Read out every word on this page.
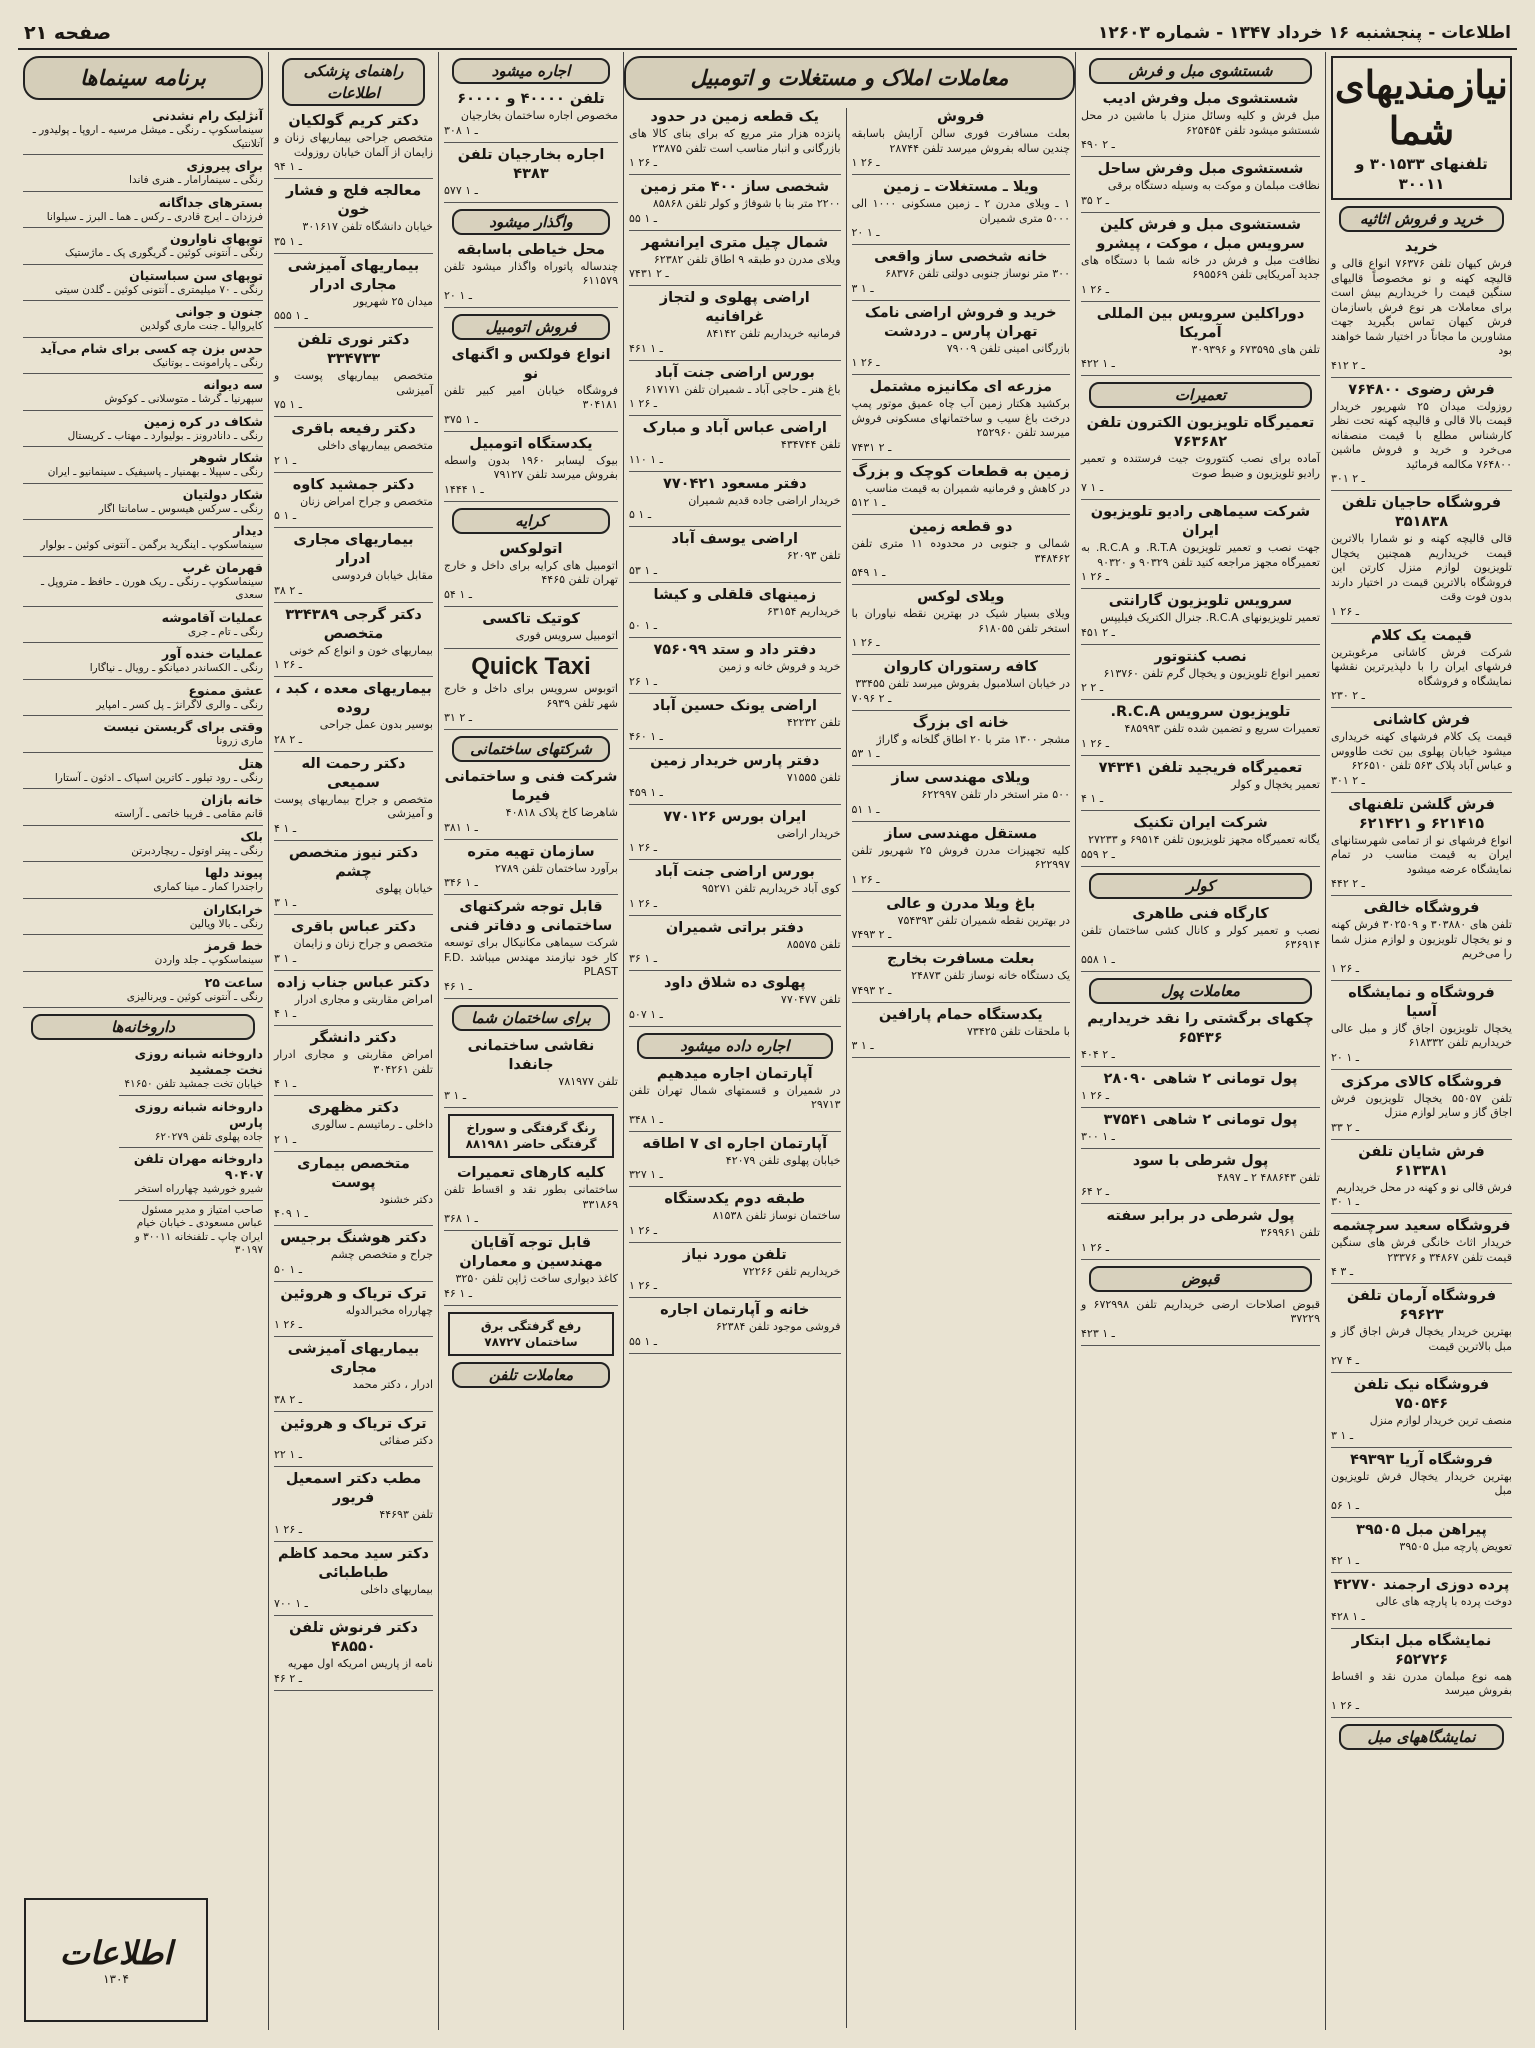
اطلاعات - پنجشنبه ۱۶ خرداد ۱۳۴۷ - شماره ۱۲۶۰۳
صفحه ۲۱
نیازمندیهای شما
تلفنهای ۳۰۱۵۳۳ و ۳۰۰۱۱
خرید و فروش اثاثیه
خرید

فرش کیهان تلفن ۷۶۳۷۶ انواع قالی و قالیچه کهنه و نو مخصوصاً قالیهای سنگین قیمت را خریداریم بیش است برای معاملات هر نوع فرش باسازمان فرش کیهان تماس بگیرید جهت مشاورین ما مجاناً در اختیار شما خواهند بود

۴۱۲ ـ ۲
فرش رضوی ۷۶۴۸۰۰

روزولت میدان ۲۵ شهریور خریدار قیمت بالا قالی و قالیچه کهنه تحت نظر کارشناس مطلع با قیمت منصفانه می‌خرد و خرید و فروش ماشین ۷۶۴۸۰۰ مکالمه فرمائید

۳۰۱ ـ ۲
فروشگاه حاجیان تلفن ۳۵۱۸۳۸

قالی قالیچه کهنه و نو شمارا بالاترین قیمت خریداریم همچنین یخچال تلویزیون لوازم منزل کارتن این فروشگاه بالاترین قیمت در اختیار دارند بدون فوت وقت

۱ ـ ۲۶
قیمت یک کلام

شرکت فرش کاشانی مرغوبترین فرشهای ایران را با دلپذیرترین نقشها نمایشگاه و فروشگاه

۲۳۰ ـ ۲
فرش کاشانی

قیمت یک کلام فرشهای کهنه خریداری میشود خیابان پهلوی بین تخت طاووس و عباس آباد پلاک ۵۶۳ تلفن ۶۲۶۵۱۰

۳۰۱ ـ ۲
فرش گلشن تلفنهای ۶۲۱۴۱۵ و ۶۲۱۴۲۱

انواع فرشهای نو از تمامی شهرستانهای ایران به قیمت مناسب در تمام نمایشگاه عرضه میشود

۴۴۲ ـ ۲
فروشگاه خالقی

تلفن های ۳۰۳۸۸۰ و ۳۰۲۵۰۹ فرش کهنه و نو یخچال تلویزیون و لوازم منزل شما را می‌خریم

۱ ـ ۲۶
فروشگاه و نمایشگاه آسیا

یخچال تلویزیون اجاق گاز و مبل عالی خریداریم تلفن ۶۱۸۳۳۲

۲۰ ـ ۱
فروشگاه کالای مرکزی

تلفن ۵۵۰۵۷ یخچال تلویزیون فرش اجاق گاز و سایر لوازم منزل

۳۳ ـ ۲
فرش شایان تلفن ۶۱۳۳۸۱

فرش قالی نو و کهنه در محل خریداریم

۳۰ ـ ۱
فروشگاه سعید سرچشمه

خریدار اثاث خانگی فرش های سنگین قیمت تلفن ۳۴۸۶۷ و ۲۳۳۷۶

۴ ـ ۳
فروشگاه آرمان تلفن ۶۹۶۲۳

بهترین خریدار یخچال فرش اجاق گاز و مبل بالاترین قیمت

۲۷ ـ ۴
فروشگاه نیک تلفن ۷۵۰۵۴۶

منصف ترین خریدار لوازم منزل

۳ ـ ۱
فروشگاه آریا ۴۹۳۹۳

بهترین خریدار یخچال فرش تلویزیون مبل

۵۶ ـ ۱
پیراهن مبل ۳۹۵۰۵

تعویض پارچه مبل ۳۹۵۰۵

۴۲ ـ ۱
پرده دوزی ارجمند ۴۲۷۷۰

دوخت پرده با پارچه های عالی

۴۲۸ ـ ۱
نمایشگاه مبل ابتکار ۶۵۲۷۲۶

همه نوع مبلمان مدرن نقد و اقساط بفروش میرسد

۱ ـ ۲۶
نمایشگاههای مبل
شستشوی مبل و فرش
شستشوی مبل وفرش ادیب

مبل فرش و کلیه وسائل منزل با ماشین در محل شستشو میشود تلفن ۶۲۵۴۵۴

۴۹۰ ـ ۲
شستشوی مبل وفرش ساحل

نظافت مبلمان و موکت به وسیله دستگاه برقی

۳۵ ـ ۲
شستشوی مبل و فرش کلین سرویس مبل ، موکت ، پیشرو

نظافت مبل و فرش در خانه شما با دستگاه های جدید آمریکایی تلفن ۶۹۵۵۶۹

۱ ـ ۲۶
دوراکلین سرویس بین المللی آمریکا

تلفن های ۶۷۳۵۹۵ و ۳۰۹۳۹۶

۴۲۲ ـ ۱
تعمیرات
تعمیرگاه تلویزیون الکترون تلفن ۷۶۳۶۸۲

آماده برای نصب کنتوروت جیت فرستنده و تعمیر رادیو تلویزیون و ضبط صوت

۷ ـ ۱
شرکت سیماهی رادیو تلویزیون ایران

جهت نصب و تعمیر تلویزیون R.T.A. و R.C.A. به تعمیرگاه مجهز مراجعه کنید تلفن ۹۰۳۲۹ و ۹۰۳۲۰

۱ ـ ۲۶
سرویس تلویزیون گارانتی

تعمیر تلویزیونهای R.C.A. جنرال الکتریک فیلیپس

۴۵۱ ـ ۲
نصب کنتوتور

تعمیر انواع تلویزیون و یخچال گرم تلفن ۶۱۳۷۶۰

۲ ـ ۲
تلویزیون سرویس R.C.A.

تعمیرات سریع و تضمین شده تلفن ۴۸۵۹۹۳

۱ ـ ۲۶
تعمیرگاه فریجید تلفن ۷۴۳۴۱

تعمیر یخچال و کولر

۴ ـ ۱
شرکت ایران تکنیک

یگانه تعمیرگاه مجهز تلویزیون تلفن ۶۹۵۱۴ و ۲۷۲۳۳

۵۵۹ ـ ۲
کولر
کارگاه فنی طاهری

نصب و تعمیر کولر و کانال کشی ساختمان تلفن ۶۳۶۹۱۴

۵۵۸ ـ ۱
معاملات پول
چکهای برگشتی را نقد خریداریم ۶۵۴۳۶
۴۰۴ ـ ۲
پول تومانی ۲ شاهی ۲۸۰۹۰
۱ ـ ۲۶
پول تومانی ۲ شاهی ۳۷۵۴۱
۳۰۰ ـ ۱
پول شرطی با سود

تلفن ۴۸۸۶۴۳ ۲ ـ ۴۸۹۷

۶۴ ـ ۲
پول شرطی در برابر سفته

تلفن ۳۶۹۹۶۱

۱ ـ ۲۶
قبوض

قبوض اصلاحات ارضی خریداریم تلفن ۶۷۲۹۹۸ و ۳۷۲۲۹

۴۲۳ ـ ۱
معاملات املاک و مستغلات و اتومبیل
فروش

بعلت مسافرت فوری سالن آرایش باسابقه چندین ساله بفروش میرسد تلفن ۲۸۷۴۴

۱ ـ ۲۶
ویلا ـ مستغلات ـ زمین

۱ ـ ویلای مدرن ۲ ـ زمین مسکونی ۱۰۰۰ الی ۵۰۰۰ متری شمیران

۲۰ ـ ۱
خانه شخصی ساز واقعی

۳۰۰ متر نوساز جنوبی دولتی تلفن ۶۸۳۷۶

۳ ـ ۱
خرید و فروش اراضی نامک تهران پارس ـ دردشت

بازرگانی امینی تلفن ۷۹۰۰۹

۱ ـ ۲۶
مزرعه ای مکانیزه مشتمل

برکشید هکتار زمین آب چاه عمیق موتور پمپ درخت باغ سیب و ساختمانهای مسکونی فروش میرسد تلفن ۲۵۲۹۶۰

۷۴۳۱ ـ ۲
زمین به قطعات کوچک و بزرگ

در کاهش و فرمانیه شمیران به قیمت مناسب

۵۱۲ ـ ۱
دو قطعه زمین

شمالی و جنوبی در محدوده ۱۱ متری تلفن ۳۴۸۴۶۲

۵۴۹ ـ ۱
ویلای لوکس

ویلای بسیار شیک در بهترین نقطه نیاوران با استخر تلفن ۶۱۸۰۵۵

۱ ـ ۲۶
کافه رستوران کاروان

در خیابان اسلامبول بفروش میرسد تلفن ۳۳۴۵۵

۷۰۹۶ ـ ۲
خانه ای بزرگ

مشجر ۱۳۰۰ متر با ۲۰ اطاق گلخانه و گاراژ

۵۳ ـ ۱
ویلای مهندسی ساز

۵۰۰ متر استخر دار تلفن ۶۲۲۹۹۷

۵۱ ـ ۱
مستقل مهندسی ساز

کلیه تجهیزات مدرن فروش ۲۵ شهریور تلفن ۶۲۲۹۹۷

۱ ـ ۲۶
باغ ویلا مدرن و عالی

در بهترین نقطه شمیران تلفن ۷۵۴۳۹۳

۷۴۹۳ ـ ۲
بعلت مسافرت بخارج

یک دستگاه خانه نوساز تلفن ۲۴۸۷۳

۷۴۹۳ ـ ۲
یکدستگاه حمام پارافین

با ملحقات تلفن ۷۳۴۲۵

۳ ـ ۱
یک قطعه زمین در حدود

پانزده هزار متر مربع که برای بنای کالا های بازرگانی و انبار مناسب است تلفن ۲۳۸۷۵

۱ ـ ۲۶
شخصی ساز ۴۰۰ متر زمین

۲۲۰۰ متر بنا با شوفاژ و کولر تلفن ۸۵۸۶۸

۵۵ ـ ۱
شمال چیل متری ایرانشهر

ویلای مدرن دو طبقه ۹ اطاق تلفن ۶۲۳۸۲

۷۴۳۱ ـ ۲
اراضی پهلوی و لتجاز غرافانیه

فرمانیه خریداریم تلفن ۸۴۱۴۲

۴۶۱ ـ ۱
بورس اراضی جنت آباد

باغ هنر ـ حاجی آباد ـ شمیران تلفن ۶۱۷۱۷۱

۱ ـ ۲۶
اراضی عباس آباد و مبارک

تلفن ۴۳۴۷۴۴

۱۱۰ ـ ۱
دفتر مسعود ۷۷۰۴۲۱

خریدار اراضی جاده قدیم شمیران

۵ ـ ۱
اراضی یوسف آباد

تلفن ۶۲۰۹۳

۵۳ ـ ۱
زمینهای قلقلی و کیشا

خریداریم ۶۳۱۵۴

۵۰ ـ ۱
دفتر داد و ستد ۷۵۶۰۹۹

خرید و فروش خانه و زمین

۲۶ ـ ۱
اراضی یونک حسین آباد

تلفن ۴۲۲۳۲

۴۶۰ ـ ۱
دفتر پارس خریدار زمین

تلفن ۷۱۵۵۵

۴۵۹ ـ ۱
ایران بورس ۷۷۰۱۲۶

خریدار اراضی

۱ ـ ۲۶
بورس اراضی جنت آباد

کوی آباد خریداریم تلفن ۹۵۲۷۱

۱ ـ ۲۶
دفتر براتی شمیران

تلفن ۸۵۵۷۵

۳۶ ـ ۱
پهلوی ده شلاق داود

تلفن ۷۷۰۴۷۷

۵۰۷ ـ ۱
اجاره داده میشود
آپارتمان اجاره میدهیم

در شمیران و قسمتهای شمال تهران تلفن ۲۹۷۱۳

۳۴۸ ـ ۱
آپارتمان اجاره ای ۷ اطاقه

خیابان پهلوی تلفن ۴۲۰۷۹

۳۲۷ ـ ۱
طبقه دوم یکدستگاه

ساختمان نوساز تلفن ۸۱۵۳۸

۱ ـ ۲۶
تلفن مورد نیاز

خریداریم تلفن ۷۲۲۶۶

۱ ـ ۲۶
خانه و آپارتمان اجاره

فروشی موجود تلفن ۶۲۳۸۴

۵۵ ـ ۱
اجاره میشود
تلفن ۴۰۰۰۰ و ۶۰۰۰۰

مخصوص اجاره ساختمان بخارجیان

۳۰۸ ـ ۱
اجاره بخارجیان تلفن ۴۳۸۳
۵۷۷ ـ ۱
واگذار میشود
محل خیاطی باسابقه

چندساله پاتوراه واگذار میشود تلفن ۶۱۱۵۷۹

۲۰ ـ ۱
فروش اتومبیل
انواع فولکس و اگنهای نو

فروشگاه خیابان امیر کبیر تلفن ۳۰۴۱۸۱

۳۷۵ ـ ۱
یکدستگاه اتومبیل

بیوک لیسابر ۱۹۶۰ بدون واسطه بفروش میرسد تلفن ۷۹۱۲۷

۱۴۴۴ ـ ۱
کرایه
اتولوکس

اتومبیل های کرایه برای داخل و خارج تهران تلفن ۴۴۶۵

۵۴ ـ ۱
کوتیک تاکسی

اتومبیل سرویس فوری

Quick Taxi

اتوبوس سرویس برای داخل و خارج شهر تلفن ۶۹۳۹

۳۱ ـ ۲
شرکتهای ساختمانی
شرکت فنی و ساختمانی فیرما

شاهرضا کاخ پلاک ۴۰۸۱۸

۳۸۱ ـ ۱
سازمان تهیه متره

برآورد ساختمان تلفن ۲۷۸۹

۳۴۶ ـ ۱
قابل توجه شرکتهای ساختمانی و دفاتر فنی

شرکت سیماهی مکانیکال برای توسعه کار خود نیازمند مهندس میباشد F.D. PLAST

۴۶ ـ ۱
برای ساختمان شما
نقاشی ساختمانی جانفدا

تلفن ۷۸۱۹۷۷

۳ ـ ۱
رنگ گرفتگی و سوراخ گرفتگی حاضر ۸۸۱۹۸۱
کلیه کارهای تعمیرات

ساختمانی بطور نقد و اقساط تلفن ۳۳۱۸۶۹

۳۶۸ ـ ۱
قابل توجه آقایان مهندسین و معماران

کاغذ دیواری ساخت ژاپن تلفن ۳۲۵۰

۴۶ ـ ۱
رفع گرفتگی برق ساختمان ۷۸۷۲۷
معاملات تلفن
راهنمای پزشکی اطلاعات
دکتر کریم گولکیان

متخصص جراحی بیماریهای زنان و زایمان از آلمان خیابان روزولت

۹۴ ـ ۱
معالجه فلج و فشار خون

خیابان دانشگاه تلفن ۳۰۱۶۱۷

۳۵ ـ ۱
بیماریهای آمیزشی مجاری ادرار

میدان ۲۵ شهریور

۵۵۵ ـ ۱
دکتر نوری تلفن ۳۳۴۷۳۳

متخصص بیماریهای پوست و آمیزشی

۷۵ ـ ۱
دکتر رفیعه باقری

متخصص بیماریهای داخلی

۲ ـ ۱
دکتر جمشید کاوه

متخصص و جراح امراض زنان

۵ ـ ۱
بیماریهای مجاری ادرار

مقابل خیابان فردوسی

۳۸ ـ ۲
دکتر گرجی ۳۳۴۳۸۹ متخصص

بیماریهای خون و انواع کم خونی

۱ ـ ۲۶
بیماریهای معده ، کبد ، روده

بوسیر بدون عمل جراحی

۲۸ ـ ۲
دکتر رحمت اله سمیعی

متخصص و جراح بیماریهای پوست و آمیزشی

۴ ـ ۱
دکتر نیوز متخصص چشم

خیابان پهلوی

۳ ـ ۱
دکتر عباس باقری

متخصص و جراح زنان و زایمان

۳ ـ ۱
دکتر عباس جناب زاده

امراض مقاربتی و مجاری ادرار

۴ ـ ۱
دکتر دانشگر

امراض مقاربتی و مجاری ادرار تلفن ۳۰۴۲۶۱

۴ ـ ۱
دکتر مظهری

داخلی ـ رماتیسم ـ سالوری

۲ ـ ۱
متخصص بیماری پوست

دکتر خشنود

۴۰۹ ـ ۱
دکتر هوشنگ برجیس

جراح و متخصص چشم

۵۰ ـ ۱
ترک تریاک و هروئین

چهارراه مخبرالدوله

۱ ـ ۲۶
بیماریهای آمیزشی مجاری

ادرار ، دکتر محمد

۳۸ ـ ۲
ترک تریاک و هروئین

دکتر صفائی

۲۲ ـ ۱
مطب دکتر اسمعیل فریور

تلفن ۴۴۶۹۳

۱ ـ ۲۶
دکتر سید محمد کاظم طباطبائی

بیماریهای داخلی

۷۰۰ ـ ۱
دکتر فرنوش تلفن ۴۸۵۵۰

نامه از پاریس امریکه اول مهریه

۴۶ ـ ۲
برنامه سینماها
آنژلیک رام نشدنی

سینماسکوپ ـ رنگی ـ میشل مرسیه ـ اروپا ـ پولیدور ـ آتلانتیک

برای پیروزی

رنگی ـ سینمارامار ـ هنری فاندا

بسترهای جداگانه

فرزدان ـ ایرج قادری ـ رکس ـ هما ـ البرز ـ سیلوانا

توپهای ناوارون

رنگی ـ آنتونی کوئین ـ گریگوری پک ـ ماژستیک

توپهای سن سباستیان

رنگی ـ ۷۰ میلیمتری ـ آنتونی کوئین ـ گلدن سیتی

جنون و جوانی

کایروالیا ـ جنت ماری گولدین

حدس بزن چه کسی برای شام می‌آید

رنگی ـ پارامونت ـ بوتانیک

سه دیوانه

سپهرنیا ـ گرشا ـ متوسلانی ـ کوکوش

شکاف در کره زمین

رنگی ـ دانادرونز ـ بولیوارد ـ مهتاب ـ کریستال

شکار شوهر

رنگی ـ سپیلا ـ بهمنیار ـ پاسیفیک ـ سینمانیو ـ ایران

شکار دولتیان

رنگی ـ سرکس هیسوس ـ سامانتا اگار

دیدار

سینماسکوپ ـ اینگرید برگمن ـ آنتونی کوئین ـ بولوار

قهرمان غرب

سینماسکوپ ـ رنگی ـ ریک هورن ـ حافظ ـ متروپل ـ سعدی

عملیات آقاموشه

رنگی ـ تام ـ جری

عملیات خنده آور

رنگی ـ الکساندر دمیانکو ـ رویال ـ نیاگارا

عشق ممنوع

رنگی ـ والری لاگرانژ ـ پل کسر ـ امپایر

وقتی برای گریستن نیست

ماری زرونا

هتل

رنگی ـ رود تیلور ـ کاترین اسپاک ـ ادئون ـ آستارا

خانه بازان

قانم مقامی ـ فریبا خاتمی ـ آراسته

بلک

رنگی ـ پیتر اوتول ـ ریچاردبرتن

پیوند دلها

راجندرا کمار ـ مینا کماری

خرابکاران

رنگی ـ بالا ویالین

خط قرمز

سینماسکوپ ـ جلد واردن

ساعت ۲۵

رنگی ـ آنتونی کوئین ـ ویرنالیزی

داروخانه‌ها
داروخانه شبانه روزی نخت جمشید

خیابان تخت جمشید تلفن ۴۱۶۵۰

داروخانه شبانه روزی پارس

جاده پهلوی تلفن ۶۲۰۲۷۹

داروخانه مهران تلفن ۹۰۴۰۷

شیرو خورشید چهارراه استخر

صاحب امتیاز و مدیر مسئول عباس مسعودی ـ خیابان خیام ایران چاپ ـ تلفنخانه ۳۰۰۱۱ و ۳۰۱۹۷

اطلاعات
۱۳۰۴
